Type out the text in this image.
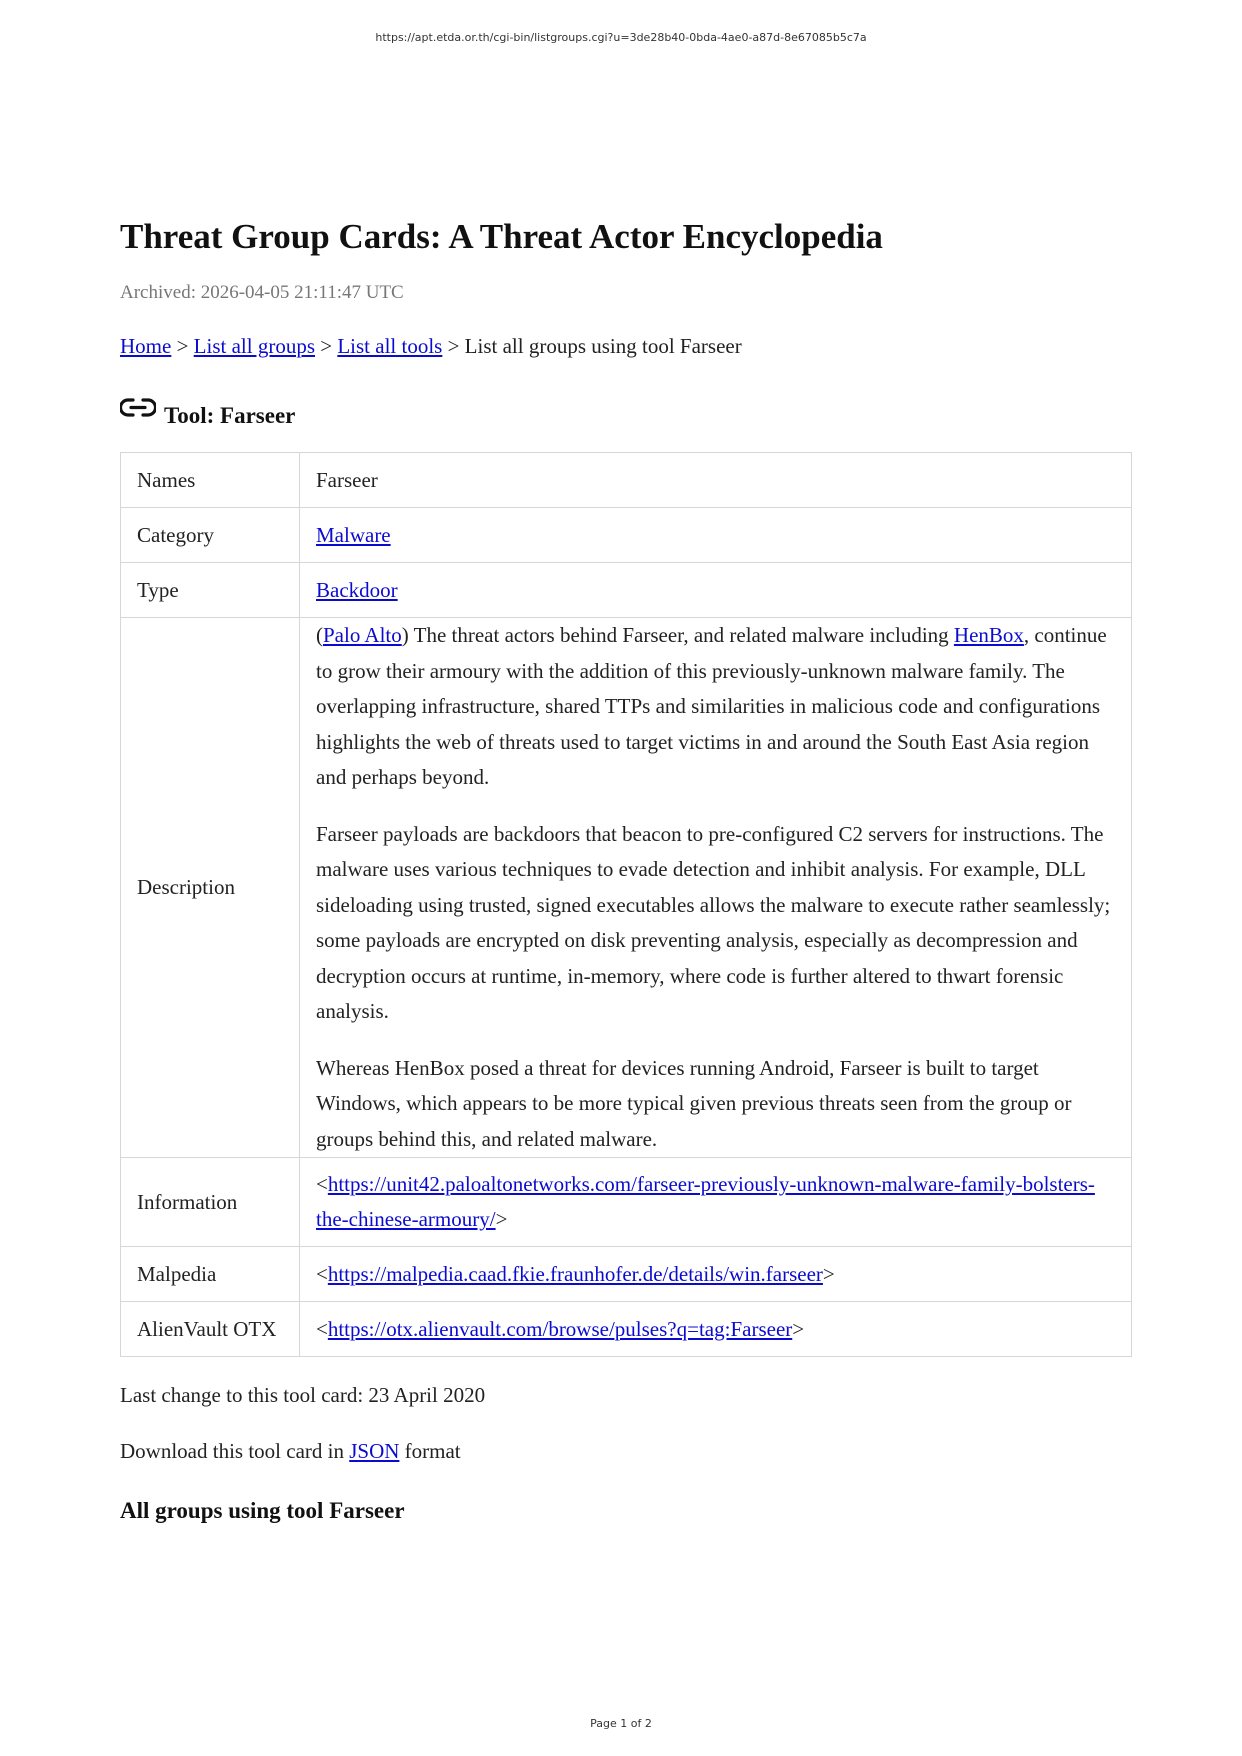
https://apt.etda.or.th/cgi-bin/listgroups.cgi?u=3de28b40-0bda-4ae0-a87d-8e67085b5c7a
Threat Group Cards: A Threat Actor Encyclopedia
Archived: 2026-04-05 21:11:47 UTC
Home > List all groups > List all tools > List all groups using tool Farseer
Tool: Farseer
Names	Farseer
Category	Malware
Type	Backdoor
Description	(Palo Alto) The threat actors behind Farseer, and related malware including HenBox, continue to grow their armoury with the addition of this previously-unknown malware family. The overlapping infrastructure, shared TTPs and similarities in malicious code and configurations highlights the web of threats used to target victims in and around the South East Asia region and perhaps beyond.

Farseer payloads are backdoors that beacon to pre-configured C2 servers for instructions. The malware uses various techniques to evade detection and inhibit analysis. For example, DLL sideloading using trusted, signed executables allows the malware to execute rather seamlessly; some payloads are encrypted on disk preventing analysis, especially as decompression and decryption occurs at runtime, in-memory, where code is further altered to thwart forensic analysis.

Whereas HenBox posed a threat for devices running Android, Farseer is built to target Windows, which appears to be more typical given previous threats seen from the group or groups behind this, and related malware.

Information	<https://unit42.paloaltonetworks.com/farseer-previously-unknown-malware-family-bolsters-the-chinese-armoury/>

Malpedia	<https://malpedia.caad.fkie.fraunhofer.de/details/win.farseer>
AlienVault OTX	<https://otx.alienvault.com/browse/pulses?q=tag:Farseer>
Last change to this tool card: 23 April 2020
Download this tool card in JSON format
All groups using tool Farseer
Page 1 of 2
